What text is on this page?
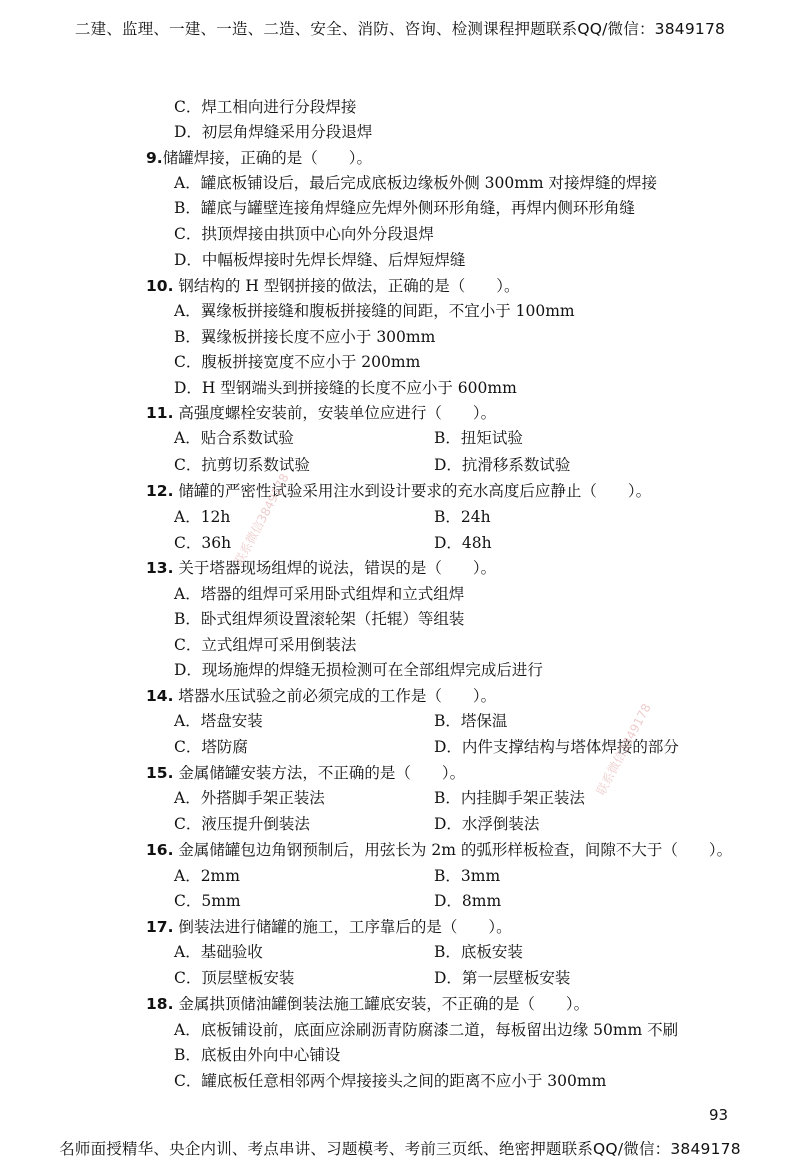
二建、监理、一建、一造、二造、安全、消防、咨询、检测课程押题联系QQ/微信：3849178
C．焊工相向进行分段焊接
D．初层角焊缝采用分段退焊
9.储罐焊接，正确的是（　　）。
A．罐底板铺设后，最后完成底板边缘板外侧 300mm 对接焊缝的焊接
B．罐底与罐壁连接角焊缝应先焊外侧环形角缝，再焊内侧环形角缝
C．拱顶焊接由拱顶中心向外分段退焊
D．中幅板焊接时先焊长焊缝、后焊短焊缝
10. 钢结构的 H 型钢拼接的做法，正确的是（　　）。
A．翼缘板拼接缝和腹板拼接缝的间距，不宜小于 100mm
B．翼缘板拼接长度不应小于 300mm
C．腹板拼接宽度不应小于 200mm
D．H 型钢端头到拼接缝的长度不应小于 600mm
11. 高强度螺栓安装前，安装单位应进行（　　）。
A．贴合系数试验	B．扭矩试验
C．抗剪切系数试验	D．抗滑移系数试验
12. 储罐的严密性试验采用注水到设计要求的充水高度后应静止（　　）。
A．12h	B．24h
C．36h	D．48h
13. 关于塔器现场组焊的说法，错误的是（　　）。
A．塔器的组焊可采用卧式组焊和立式组焊
B．卧式组焊须设置滚轮架（托辊）等组装
C．立式组焊可采用倒装法
D．现场施焊的焊缝无损检测可在全部组焊完成后进行
14. 塔器水压试验之前必须完成的工作是（　　）。
A．塔盘安装	B．塔保温
C．塔防腐	D．内件支撑结构与塔体焊接的部分
15. 金属储罐安装方法，不正确的是（　　）。
A．外搭脚手架正装法	B．内挂脚手架正装法
C．液压提升倒装法	D．水浮倒装法
16. 金属储罐包边角钢预制后，用弦长为 2m 的弧形样板检查，间隙不大于（　　）。
A．2mm	B．3mm
C．5mm	D．8mm
17. 倒装法进行储罐的施工，工序靠后的是（　　）。
A．基础验收	B．底板安装
C．顶层壁板安装	D．第一层壁板安装
18. 金属拱顶储油罐倒装法施工罐底安装，不正确的是（　　）。
A．底板铺设前，底面应涂刷沥青防腐漆二道，每板留出边缘 50mm 不刷
B．底板由外向中心铺设
C．罐底板任意相邻两个焊接接头之间的距离不应小于 300mm
联系微信3849178
联系微信3849178
93
名师面授精华、央企内训、考点串讲、习题模考、考前三页纸、绝密押题联系QQ/微信：3849178
